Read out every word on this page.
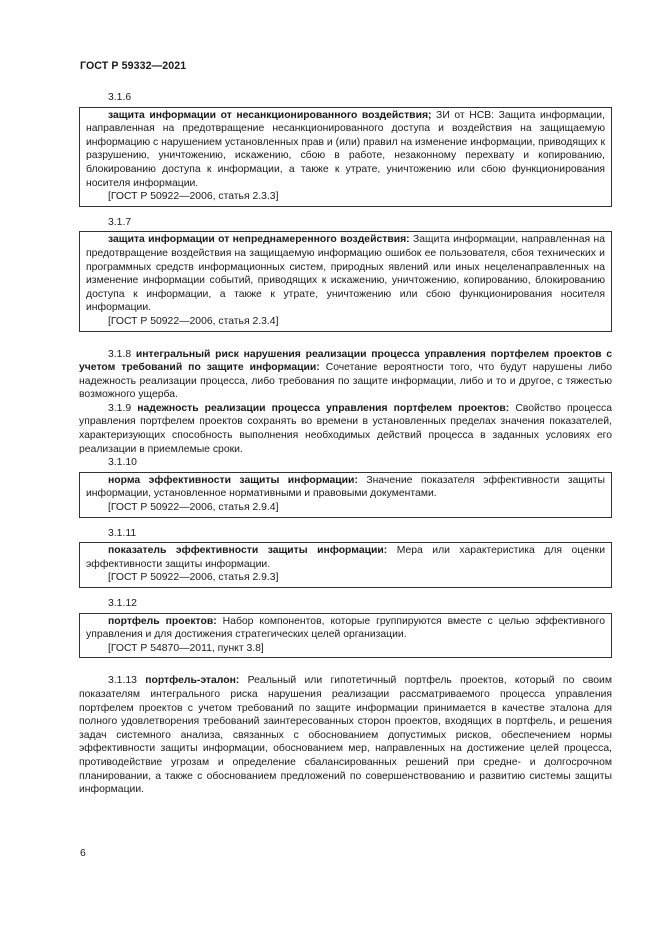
ГОСТ Р 59332—2021

3.1.6

защита информации от несанкционированного воздействия; ЗИ от НСВ: Защита информации, направленная на предотвращение несанкционированного доступа и воздействия на защищаемую информацию с нарушением установленных прав и (или) правил на изменение информации, приводящих к разрушению, уничтожению, искажению, сбою в работе, незаконному перехвату и копированию, блокированию доступа к информации, а также к утрате, уничтожению или сбою функционирования носителя информации.

[ГОСТ Р 50922—2006, статья 2.3.3]

3.1.7

защита информации от непреднамеренного воздействия: Защита информации, направленная на предотвращение воздействия на защищаемую информацию ошибок ее пользователя, сбоя технических и программных средств информационных систем, природных явлений или иных нецеленаправленных на изменение информации событий, приводящих к искажению, уничтожению, копированию, блокированию доступа к информации, а также к утрате, уничтожению или сбою функционирования носителя информации.

[ГОСТ Р 50922—2006, статья 2.3.4]

3.1.8 интегральный риск нарушения реализации процесса управления портфелем проектов с учетом требований по защите информации: Сочетание вероятности того, что будут нарушены либо надежность реализации процесса, либо требования по защите информации, либо и то и другое, с тяжестью возможного ущерба.

3.1.9 надежность реализации процесса управления портфелем проектов: Свойство процесса управления портфелем проектов сохранять во времени в установленных пределах значения показателей, характеризующих способность выполнения необходимых действий процесса в заданных условиях его реализации в приемлемые сроки.

3.1.10

норма эффективности защиты информации: Значение показателя эффективности защиты информации, установленное нормативными и правовыми документами.

[ГОСТ Р 50922—2006, статья 2.9.4]

3.1.11

показатель эффективности защиты информации: Мера или характеристика для оценки эффективности защиты информации.

[ГОСТ Р 50922—2006, статья 2.9.3]

3.1.12

портфель проектов: Набор компонентов, которые группируются вместе с целью эффективного управления и для достижения стратегических целей организации.

[ГОСТ Р 54870—2011, пункт 3.8]

3.1.13 портфель-эталон: Реальный или гипотетичный портфель проектов, который по своим показателям интегрального риска нарушения реализации рассматриваемого процесса управления портфелем проектов с учетом требований по защите информации принимается в качестве эталона для полного удовлетворения требований заинтересованных сторон проектов, входящих в портфель, и решения задач системного анализа, связанных с обоснованием допустимых рисков, обеспечением нормы эффективности защиты информации, обоснованием мер, направленных на достижение целей процесса, противодействие угрозам и определение сбалансированных решений при средне- и долгосрочном планировании, а также с обоснованием предложений по совершенствованию и развитию системы защиты информации.

6
